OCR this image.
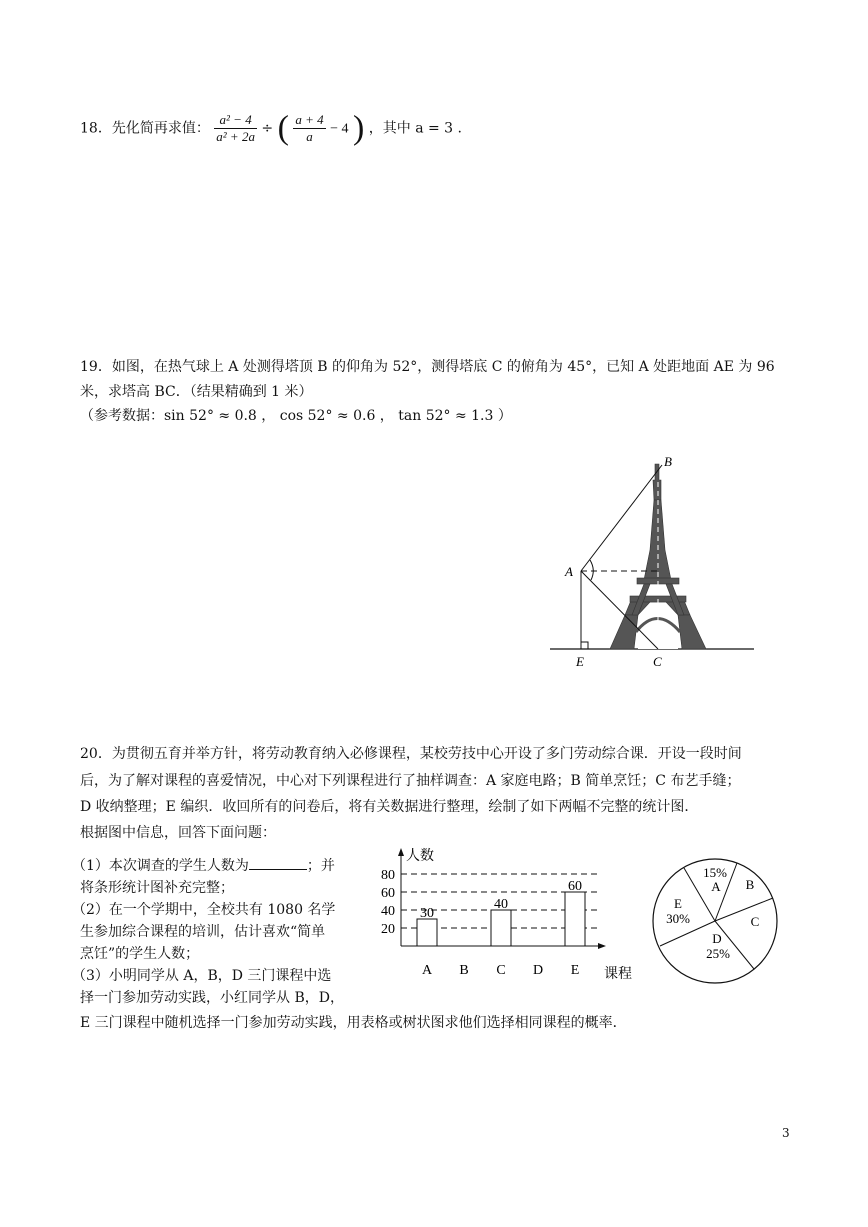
18．先化简再求值： $\frac{\text{a² − 4}}{\text{a² + 2a}}$ ÷ ( $\frac{a + 4}{a} - 4$ ) ，其中 a = 3 .
19．如图，在热气球上 A 处测得塔顶 B 的仰角为 52°，测得塔底 C 的俯角为 45°，已知 A 处距地面 AE 为 96
米，求塔高 BC．（结果精确到 1 米）
（参考数据：sin 52° ≈ 0.8 ， cos 52° ≈ 0.6 ， tan 52° ≈ 1.3 ）
B
A
E	C
20．为贯彻五育并举方针，将劳动教育纳入必修课程，某校劳技中心开设了多门劳动综合课．开设一段时间
后，为了解对课程的喜爱情况，中心对下列课程进行了抽样调查：A 家庭电路；B 简单烹饪；C 布艺手缝；
D 收纳整理；E 编织．收回所有的问卷后，将有关数据进行整理，绘制了如下两幅不完整的统计图．
根据图中信息，回答下面问题：
（1）本次调查的学生人数为	；并
将条形统计图补充完整；
（2）在一个学期中，全校共有 1080 名学
生参加综合课程的培训，估计喜欢“简单
烹饪”的学生人数；
（3）小明同学从 A，B，D 三门课程中选
择一门参加劳动实践，小红同学从 B，D，
E 三门课程中随机选择一门参加劳动实践，用表格或树状图求他们选择相同课程的概率．
人数
课程
20
40
60
80
30
40
60
A B C D E
15%
A B
C
D
25%
E
30%
3
